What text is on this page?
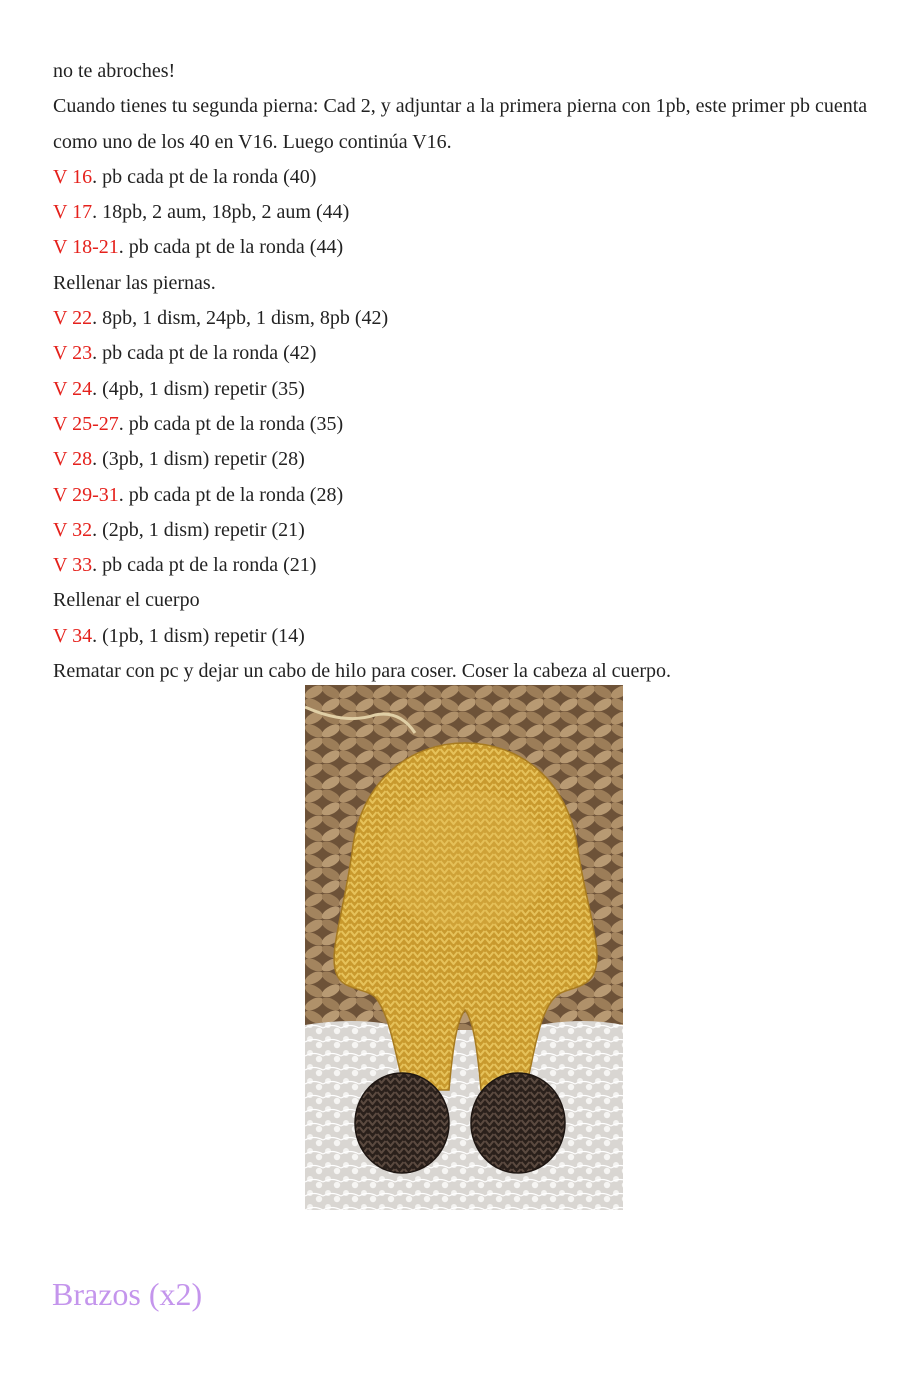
no te abroches!

Cuando tienes tu segunda pierna: Cad 2, y adjuntar a la primera pierna con 1pb, este primer pb cuenta como uno de los 40 en V16. Luego continúa V16.

V 16. pb cada pt de la ronda (40)

V 17. 18pb, 2 aum, 18pb, 2 aum (44)

V 18-21. pb cada pt de la ronda (44)

Rellenar las piernas.

V 22. 8pb, 1 dism, 24pb, 1 dism, 8pb (42)

V 23. pb cada pt de la ronda (42)

V 24. (4pb, 1 dism) repetir (35)

V 25-27. pb cada pt de la ronda (35)

V 28. (3pb, 1 dism) repetir (28)

V 29-31. pb cada pt de la ronda (28)

V 32. (2pb, 1 dism) repetir (21)

V 33. pb cada pt de la ronda (21)

Rellenar el cuerpo

V 34. (1pb, 1 dism) repetir (14)

Rematar con pc y dejar un cabo de hilo para coser. Coser la cabeza al cuerpo.

Brazos (x2)
